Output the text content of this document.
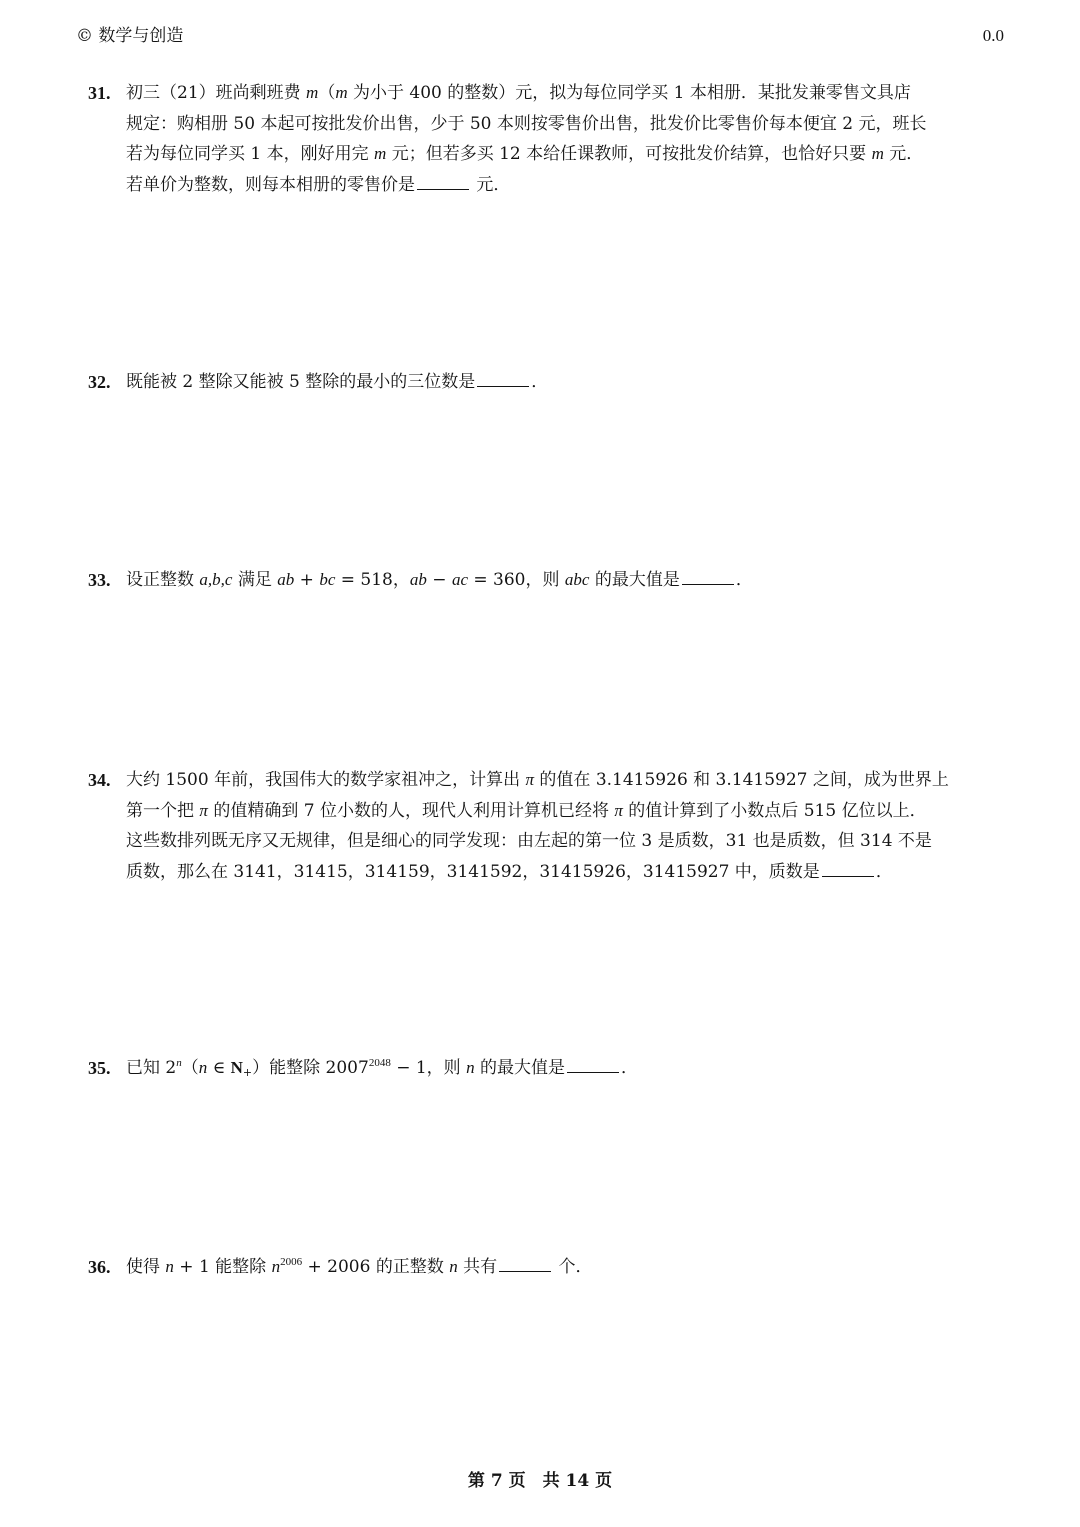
© 数学与创造	0.0
31. 初三（21）班尚剩班费 m（m 为小于 400 的整数）元，拟为每位同学买 1 本相册．某批发兼零售文具店
规定：购相册 50 本起可按批发价出售，少于 50 本则按零售价出售，批发价比零售价每本便宜 2 元，班长
若为每位同学买 1 本，刚好用完 m 元；但若多买 12 本给任课教师，可按批发价结算，也恰好只要 m 元．
若单价为整数，则每本相册的零售价是	元．
32. 既能被 2 整除又能被 5 整除的最小的三位数是	．
33. 设正整数 a,b,c 满足 ab + bc = 518，ab − ac = 360，则 abc 的最大值是	．
34. 大约 1500 年前，我国伟大的数学家祖冲之，计算出 π 的值在 3.1415926 和 3.1415927 之间，成为世界上
第一个把 π 的值精确到 7 位小数的人，现代人利用计算机已经将 π 的值计算到了小数点后 515 亿位以上．
这些数排列既无序又无规律，但是细心的同学发现：由左起的第一位 3 是质数，31 也是质数，但 314 不是
质数，那么在 3141，31415，314159，3141592，31415926，31415927 中，质数是	．
35. 已知 2$^n$（n ∈ $N_+$）能整除 $2007^{2048} - 1$，则 n 的最大值是	．
36. 使得 n + 1 能整除 $n^{2006} + 2006$ 的正整数 n 共有	个．
第 7 页　共 14 页
